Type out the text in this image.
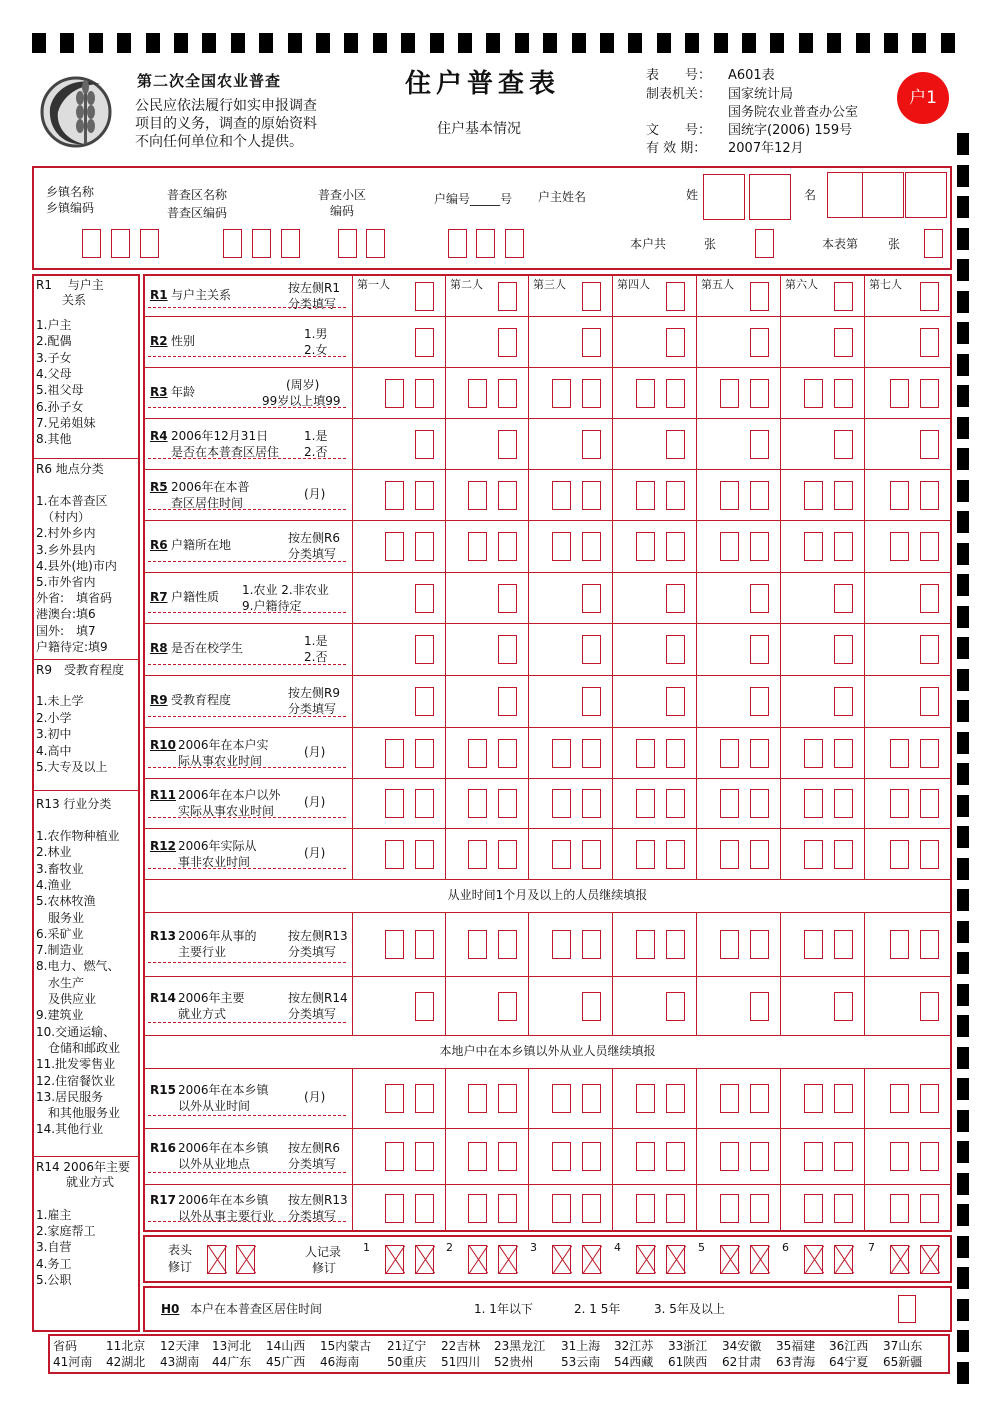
第二次全国农业普查
公民应依法履行如实申报调查
项目的义务，调查的原始资料
不向任何单位和个人提供。
住户普查表
住户基本情况
表　　号：
制表机关：
文　　号：
有 效 期：
A601表
国家统计局
国务院农业普查办公室
国统字(2006) 159号
2007年12月
户1
乡镇名称
乡镇编码
普查区名称
普查区编码
普查小区
编码
户编号_____号 户主姓名	姓	名
本户共	张	本表第 张
R1　 与户主
关系
1.户主
2.配偶
3.子女
4.父母
5.祖父母
6.孙子女
7.兄弟姐妹
8.其他
R6 地点分类
1.在本普查区
　（村内）
2.村外乡内
3.乡外县内
4.县外(地)市内
5.市外省内
外省:　填省码
港澳台:填6
国外:　填7
户籍待定:填9
R9　受教育程度
1.未上学
2.小学
3.初中
4.高中
5.大专及以上
R13 行业分类
1.农作物种植业
2.林业
3.畜牧业
4.渔业
5.农林牧渔
　服务业
6.采矿业
7.制造业
8.电力、燃气、
　水生产
　及供应业
9.建筑业
10.交通运输、
　仓储和邮政业
11.批发零售业
12.住宿餐饮业
13.居民服务
　和其他服务业
14.其他行业
R14 2006年主要
就业方式
1.雇主
2.家庭帮工
3.自营
4.务工
5.公职
第一人	第二人	第三人	第四人	第五人	第六人	第七人
从业时间1个月及以上的人员继续填报
本地户中在本乡镇以外从业人员继续填报
R1 与户主关系	按左侧R1
分类填写
R2 性别	1.男
2.女
R3 年龄	(周岁)
99岁以上填99
R4 2006年12月31日
是否在本普查区居住
1.是
2.否
R5 2006年在本普
查区居住时间
(月)
R6 户籍所在地	按左侧R6
分类填写
R7 户籍性质 1.农业 2.非农业
9.户籍待定
R8 是否在校学生	1.是
2.否
R9 受教育程度	按左侧R9
分类填写
R10 2006年在本户实
际从事农业时间
(月)
R11 2006年在本户以外
实际从事农业时间
(月)
R12 2006年实际从
事非农业时间
(月)
R13 2006年从事的
主要行业
按左侧R13
分类填写
R14 2006年主要
就业方式
按左侧R14
分类填写
R15 2006年在本乡镇
以外从业时间
(月)
R16 2006年在本乡镇
以外从业地点
按左侧R6
分类填写
R17 2006年在本乡镇
以外从事主要行业
按左侧R13
分类填写
表头
修订
人记录
修订
1	2	3	4	5	6	7
H0 本户在本普查区居住时间	1. 1年以下	2. 1 5年	3. 5年及以上
省码 11北京 12天津 13河北 14山西 15内蒙古 21辽宁 22吉林 23黑龙江 31上海 32江苏 33浙江 34安徽 35福建 36江西 37山东
41河南 42湖北 43湖南 44广东 45广西 46海南 50重庆 51四川 52贵州 53云南 54西藏 61陕西 62甘肃 63青海 64宁夏 65新疆
